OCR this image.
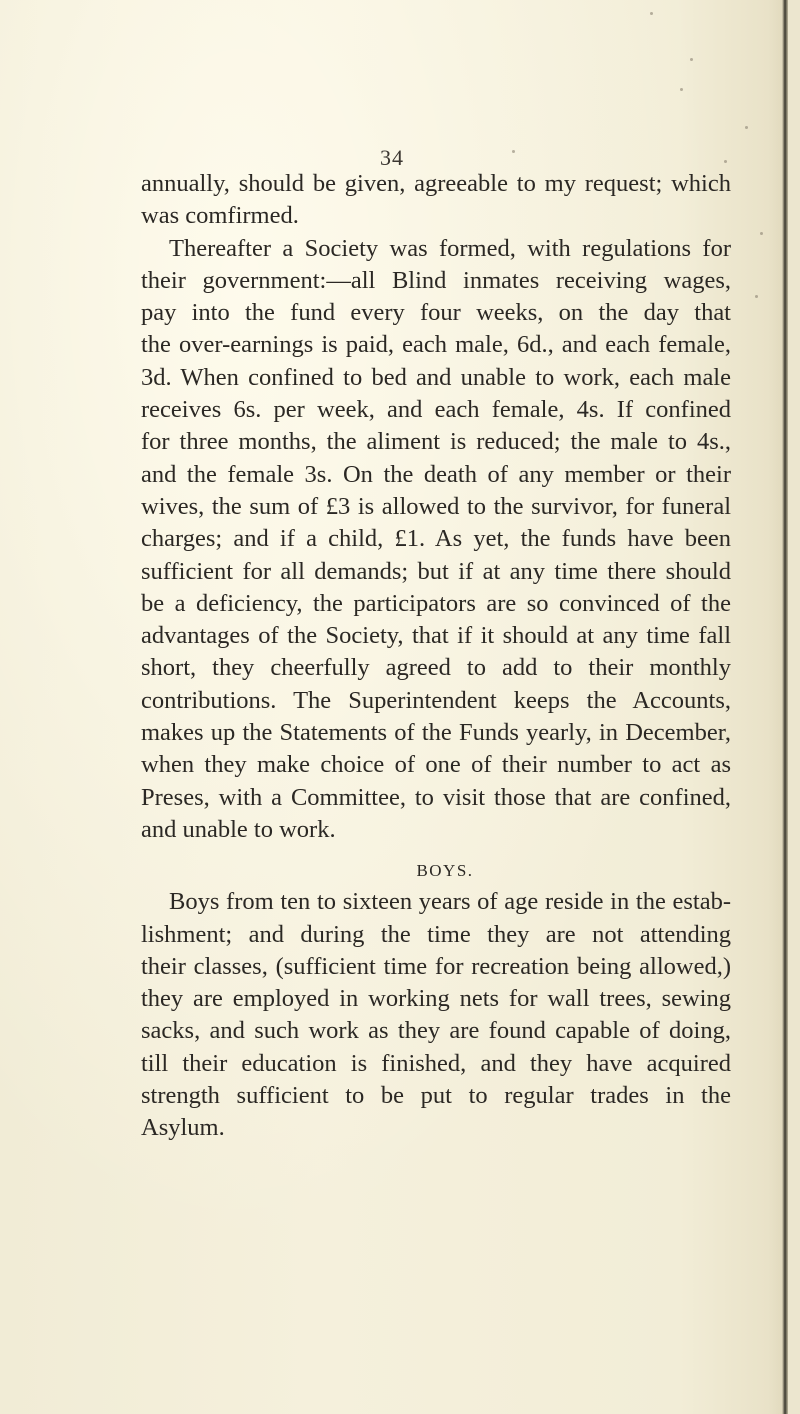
34
annually, should be given, agreeable to my request; which
was comfirmed.
Thereafter a Society was formed, with regulations for
their government:—all Blind inmates receiving wages,
pay into the fund every four weeks, on the day that
the over-earnings is paid, each male, 6d., and each female,
3d. When confined to bed and unable to work, each male
receives 6s. per week, and each female, 4s. If confined
for three months, the aliment is reduced; the male to 4s.,
and the female 3s. On the death of any member or their
wives, the sum of £3 is allowed to the survivor, for funeral
charges; and if a child, £1. As yet, the funds have been
sufficient for all demands; but if at any time there should
be a deficiency, the participators are so convinced of the
advantages of the Society, that if it should at any time fall
short, they cheerfully agreed to add to their monthly
contributions. The Superintendent keeps the Accounts,
makes up the Statements of the Funds yearly, in December,
when they make choice of one of their number to act as
Preses, with a Committee, to visit those that are confined,
and unable to work.
BOYS.
Boys from ten to sixteen years of age reside in the estab-
lishment; and during the time they are not attending
their classes, (sufficient time for recreation being allowed,)
they are employed in working nets for wall trees, sewing
sacks, and such work as they are found capable of doing,
till their education is finished, and they have acquired
strength sufficient to be put to regular trades in the
Asylum.
